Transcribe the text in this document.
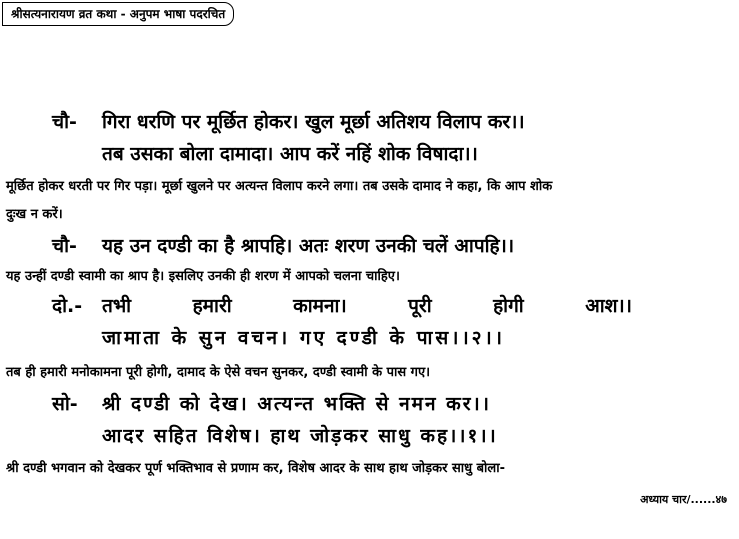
श्रीसत्यनारायण व्रत कथा - अनुपम भाषा पदरचित
चौ-	गिरा धरणि पर मूर्छित होकर। खुल मूर्छा अतिशय विलाप कर।।
तब उसका बोला दामादा। आप करें नहिं शोक विषादा।।
मूर्छित होकर धरती पर गिर पड़ा। मूर्छा खुलने पर अत्यन्त विलाप करने लगा। तब उसके दामाद ने कहा, कि आप शोक
दुःख न करें।
चौ-	यह उन दण्डी का है श्रापहि। अतः शरण उनकी चलें आपहि।।
यह उन्हीं दण्डी स्वामी का श्राप है। इसलिए उनकी ही शरण में आपको चलना चाहिए।
दो.-	तभी	हमारी	कामना।	पूरी	होगी	आश।।
जामाता के सुन वचन। गए दण्डी के पास।।२।।
तब ही हमारी मनोकामना पूरी होगी, दामाद के ऐसे वचन सुनकर, दण्डी स्वामी के पास गए।
सो-	श्री दण्डी को देख। अत्यन्त भक्ति से नमन कर।।
आदर सहित विशेष। हाथ जोड़कर साधु कह।।१।।
श्री दण्डी भगवान को देखकर पूर्ण भक्तिभाव से प्रणाम कर, विशेष आदर के साथ हाथ जोड़कर साधु बोला-
अध्याय चार/......४७
